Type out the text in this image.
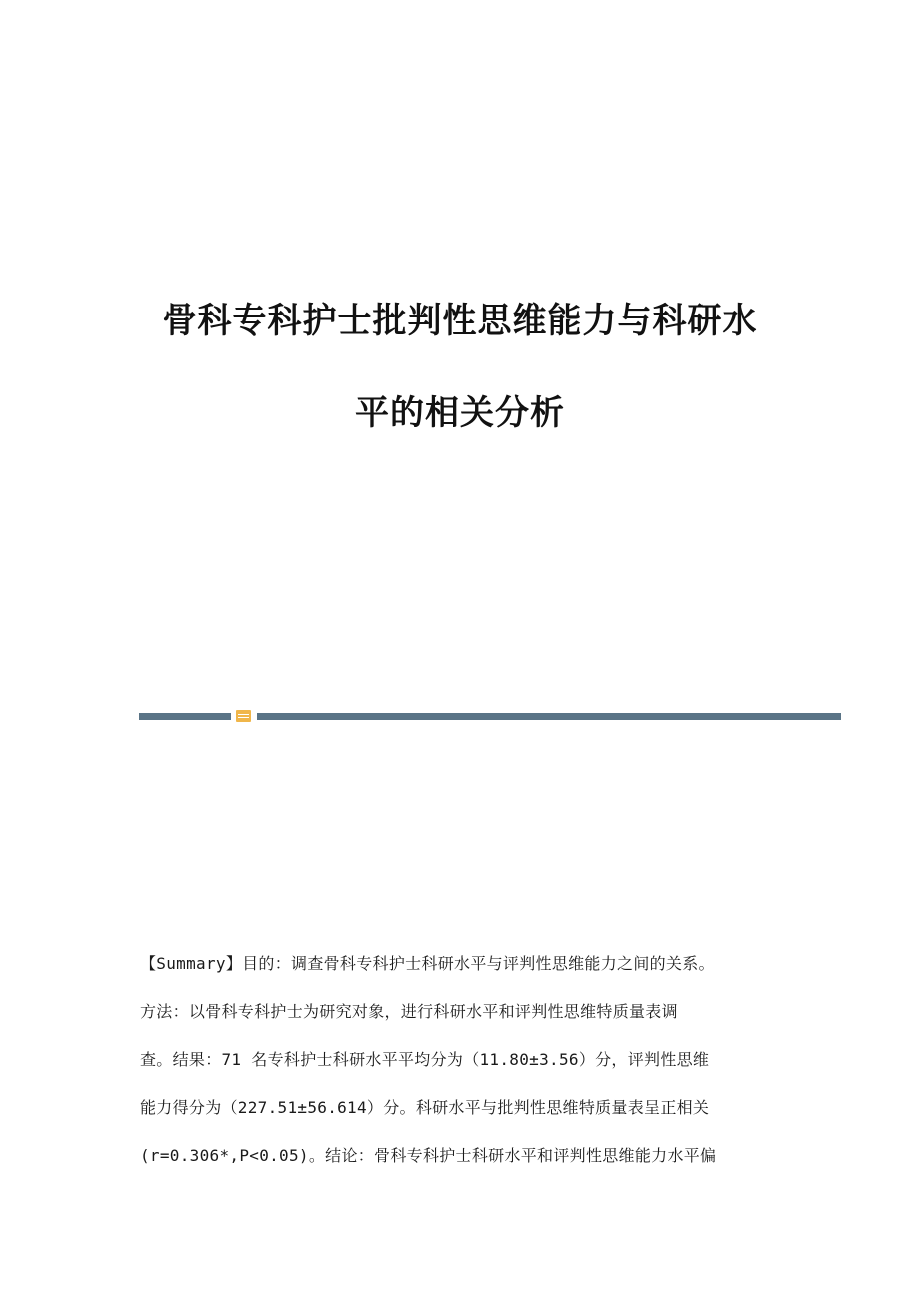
骨科专科护士批判性思维能力与科研水
平的相关分析
【Summary】目的：调查骨科专科护士科研水平与评判性思维能力之间的关系。
方法：以骨科专科护士为研究对象，进行科研水平和评判性思维特质量表调
查。结果：71 名专科护士科研水平平均分为（11.80±3.56）分，评判性思维
能力得分为（227.51±56.614）分。科研水平与批判性思维特质量表呈正相关
(r=0.306*,P<0.05)。结论：骨科专科护士科研水平和评判性思维能力水平偏
